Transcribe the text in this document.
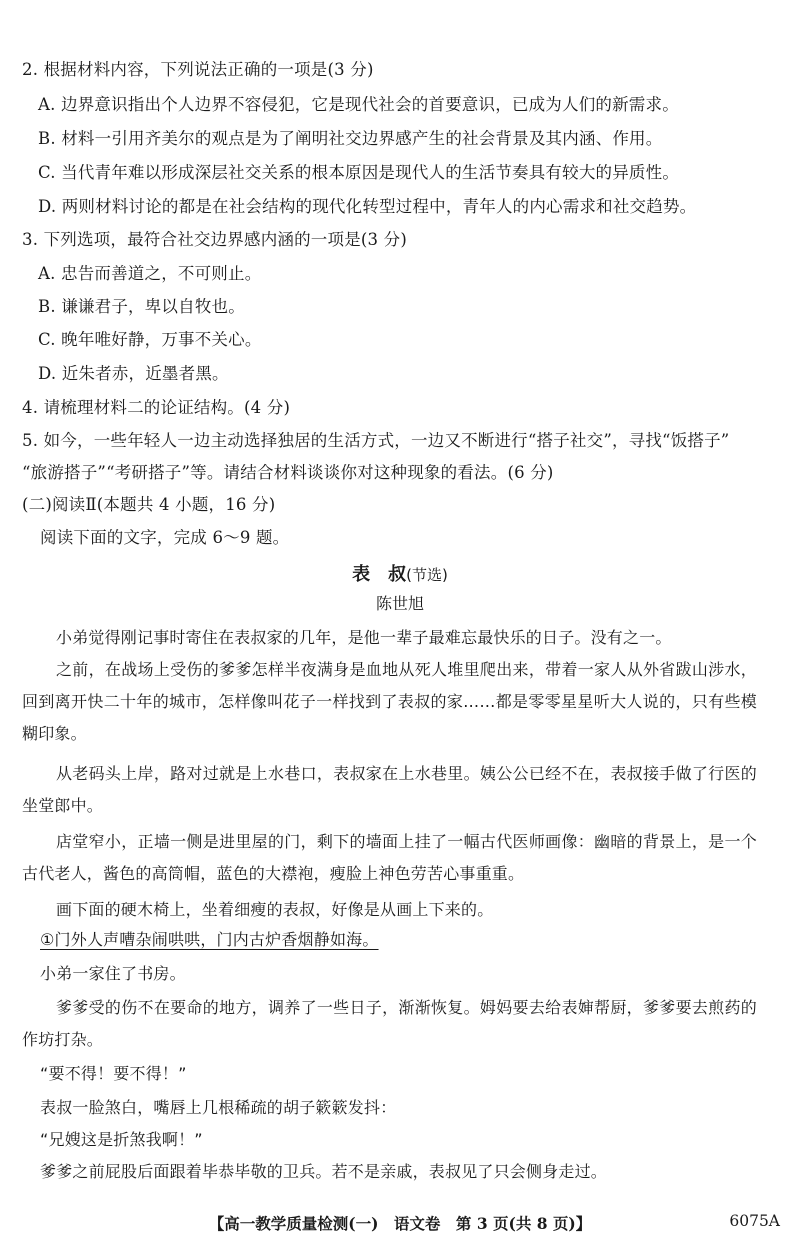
2. 根据材料内容，下列说法正确的一项是(3 分)
A. 边界意识指出个人边界不容侵犯，它是现代社会的首要意识，已成为人们的新需求。
B. 材料一引用齐美尔的观点是为了阐明社交边界感产生的社会背景及其内涵、作用。
C. 当代青年难以形成深层社交关系的根本原因是现代人的生活节奏具有较大的异质性。
D. 两则材料讨论的都是在社会结构的现代化转型过程中，青年人的内心需求和社交趋势。
3. 下列选项，最符合社交边界感内涵的一项是(3 分)
A. 忠告而善道之，不可则止。
B. 谦谦君子，卑以自牧也。
C. 晚年唯好静，万事不关心。
D. 近朱者赤，近墨者黑。
4. 请梳理材料二的论证结构。(4 分)
5. 如今，一些年轻人一边主动选择独居的生活方式，一边又不断进行“搭子社交”，寻找“饭搭子”
“旅游搭子”“考研搭子”等。请结合材料谈谈你对这种现象的看法。(6 分)
(二)阅读Ⅱ(本题共 4 小题，16 分)
阅读下面的文字，完成 6～9 题。
表　叔(节选)
陈世旭
小弟觉得刚记事时寄住在表叔家的几年，是他一辈子最难忘最快乐的日子。没有之一。
之前，在战场上受伤的爹爹怎样半夜满身是血地从死人堆里爬出来，带着一家人从外省跋山涉水，回到离开快二十年的城市，怎样像叫花子一样找到了表叔的家……都是零零星星听大人说的，只有些模糊印象。
从老码头上岸，路对过就是上水巷口，表叔家在上水巷里。姨公公已经不在，表叔接手做了行医的坐堂郎中。
店堂窄小，正墙一侧是进里屋的门，剩下的墙面上挂了一幅古代医师画像：幽暗的背景上，是一个古代老人，酱色的高筒帽，蓝色的大襟袍，瘦脸上神色劳苦心事重重。
画下面的硬木椅上，坐着细瘦的表叔，好像是从画上下来的。
①门外人声嘈杂闹哄哄，门内古炉香烟静如海。
小弟一家住了书房。
爹爹受的伤不在要命的地方，调养了一些日子，渐渐恢复。姆妈要去给表婶帮厨，爹爹要去煎药的作坊打杂。
“要不得！要不得！”
表叔一脸煞白，嘴唇上几根稀疏的胡子簌簌发抖：
“兄嫂这是折煞我啊！”
爹爹之前屁股后面跟着毕恭毕敬的卫兵。若不是亲戚，表叔见了只会侧身走过。
【高一教学质量检测(一)　语文卷　第 3 页(共 8 页)】	6075A
